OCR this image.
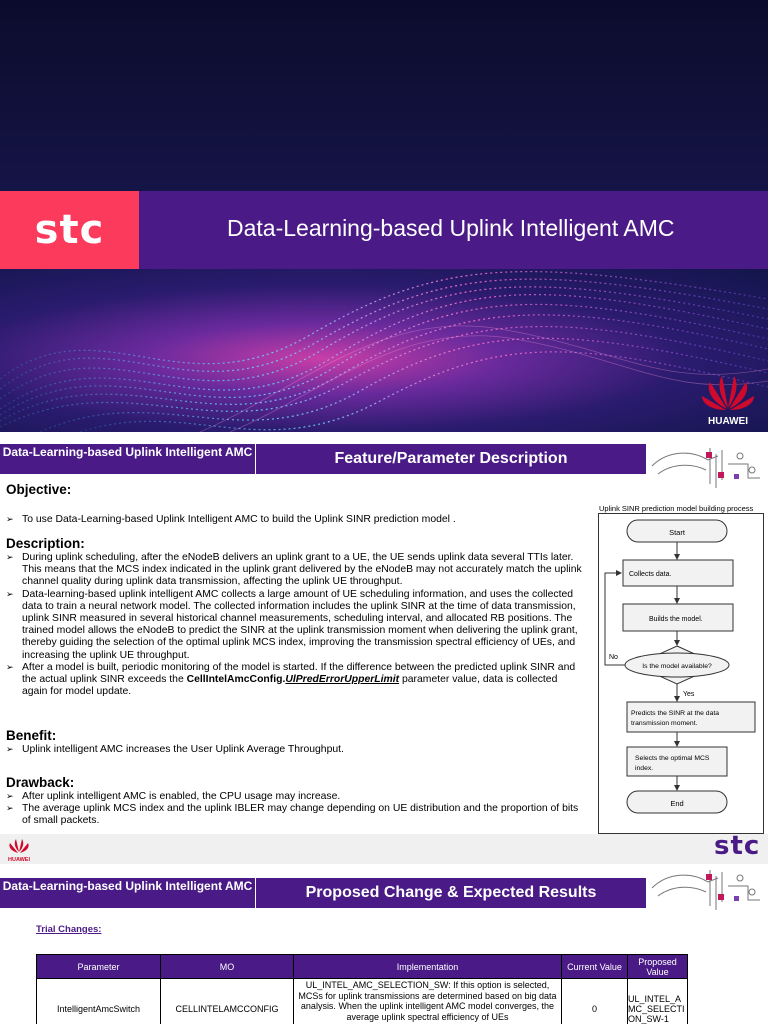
stc	Data-Learning-based Uplink Intelligent AMC
HUAWEI
Data-Learning-based Uplink Intelligent AMC	Feature/Parameter Description
Objective:
➢ To use Data-Learning-based Uplink Intelligent AMC to build the Uplink SINR prediction model .
Description:
➢ During uplink scheduling, after the eNodeB delivers an uplink grant to a UE, the UE sends uplink data several TTIs later. This means that the MCS index indicated in the uplink grant delivered by the eNodeB may not accurately match the uplink channel quality during uplink data transmission, affecting the uplink UE throughput.
➢ Data-learning-based uplink intelligent AMC collects a large amount of UE scheduling information, and uses the collected data to train a neural network model. The collected information includes the uplink SINR at the time of data transmission, uplink SINR measured in several historical channel measurements, scheduling interval, and allocated RB positions. The trained model allows the eNodeB to predict the SINR at the uplink transmission moment when delivering the uplink grant, thereby guiding the selection of the optimal uplink MCS index, improving the transmission spectral efficiency of UEs, and increasing the uplink UE throughput.
➢ After a model is built, periodic monitoring of the model is started. If the difference between the predicted uplink SINR and the actual uplink SINR exceeds the CellIntelAmcConfig.UlPredErrorUpperLimit parameter value, data is collected again for model update.
Benefit:
➢ Uplink intelligent AMC increases the User Uplink Average Throughput.
Drawback:
➢ After uplink intelligent AMC is enabled, the CPU usage may increase.
➢ The average uplink MCS index and the uplink IBLER may change depending on UE distribution and the proportion of bits of small packets.
Uplink SINR prediction model building process
Start
Collects data.
Builds the model.
Is the model available?
No
Yes
Predicts the SINR at the data
transmission moment.
Selects the optimal MCS
index.
End
HUAWEI	stc
Data-Learning-based Uplink Intelligent AMC	Proposed Change & Expected Results
Trial Changes:
Parameter	MO	Implementation	Current Value	Proposed Value
IntelligentAmcSwitch	CELLINTELAMCCONFIG	UL_INTEL_AMC_SELECTION_SW: If this option is selected, MCSs for uplink transmissions are determined based on big data analysis. When the uplink intelligent AMC model converges, the average uplink spectral efficiency of UEs	0	UL_INTEL_AMC_SELECTION_SW-1
